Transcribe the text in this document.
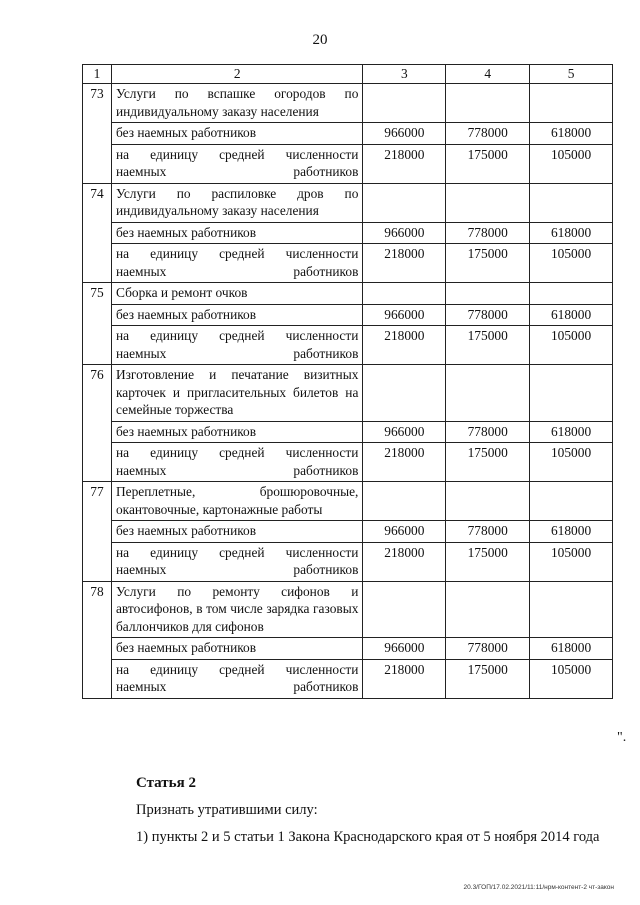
20
1	2	3	4	5
73	Услуги по вспашке огородов по индивидуальному заказу населения			
	без наемных работников	966000	778000	618000
	на единицу средней численности наемных работников	218000	175000	105000
74	Услуги по распиловке дров по индивидуальному заказу населения			
	без наемных работников	966000	778000	618000
	на единицу средней численности наемных работников	218000	175000	105000
75	Сборка и ремонт очков			
	без наемных работников	966000	778000	618000
	на единицу средней численности наемных работников	218000	175000	105000
76	Изготовление и печатание визитных карточек и пригласительных билетов на семейные торжества			
	без наемных работников	966000	778000	618000
	на единицу средней численности наемных работников	218000	175000	105000
77	Переплетные, брошюровочные, окантовочные, картонажные работы			
	без наемных работников	966000	778000	618000
	на единицу средней численности наемных работников	218000	175000	105000
78	Услуги по ремонту сифонов и автосифонов, в том числе зарядка газовых баллончиков для сифонов			
	без наемных работников	966000	778000	618000
	на единицу средней численности наемных работников	218000	175000	105000
".
Статья 2
Признать утратившими силу:
1) пункты 2 и 5 статьи 1 Закона Краснодарского края от 5 ноября 2014 года
20.3/ГОП/17.02.2021/11:11/нрм-контент-2 чт-закон
